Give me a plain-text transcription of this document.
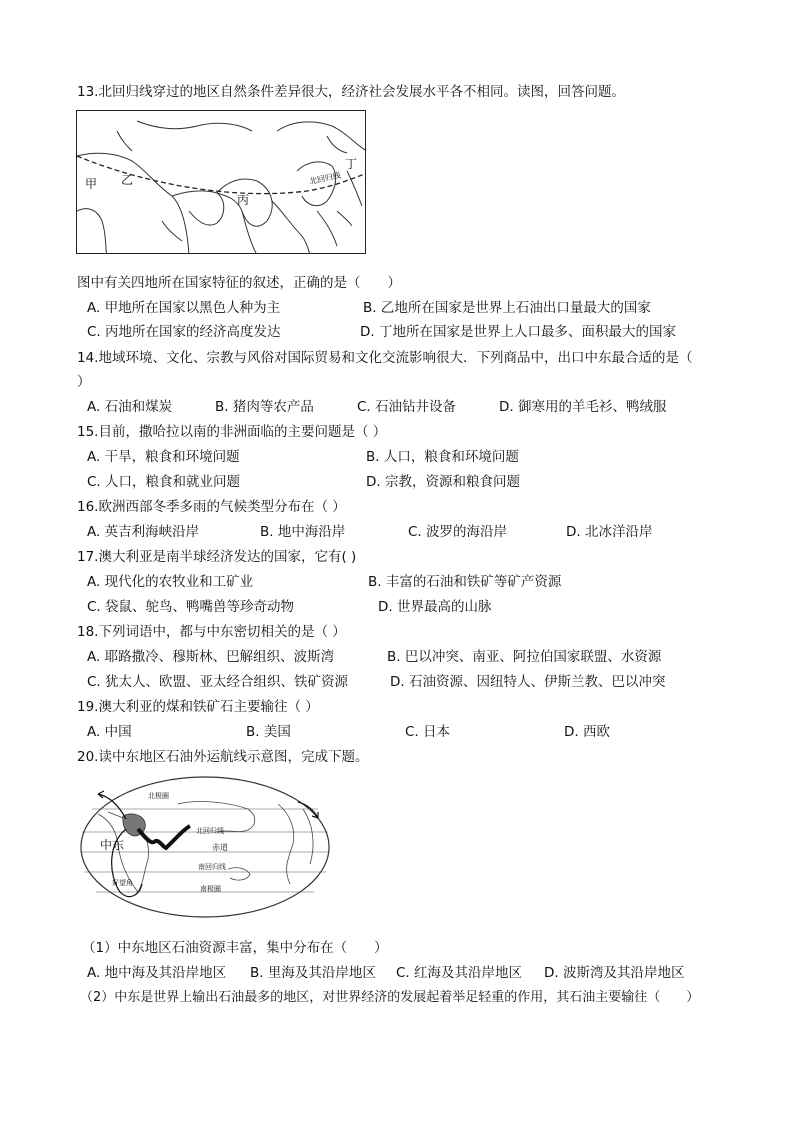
13.北回归线穿过的地区自然条件差异很大，经济社会发展水平各不相同。读图，回答问题。
甲 乙
丙
丁
北回归线
图中有关四地所在国家特征的叙述，正确的是（　　）
A. 甲地所在国家以黑色人种为主	B. 乙地所在国家是世界上石油出口量最大的国家
C. 丙地所在国家的经济高度发达	D. 丁地所在国家是世界上人口最多、面积最大的国家
14.地域环境、文化、宗教与风俗对国际贸易和文化交流影响很大．下列商品中，出口中东最合适的是（
）
A. 石油和煤炭	B. 猪肉等农产品	C. 石油钻井设备	D. 御寒用的羊毛衫、鸭绒服
15.目前，撒哈拉以南的非洲面临的主要问题是（ ）
A. 干旱，粮食和环境问题	B. 人口，粮食和环境问题
C. 人口，粮食和就业问题	D. 宗教，资源和粮食问题
16.欧洲西部冬季多雨的气候类型分布在（ ）
A. 英吉利海峡沿岸	B. 地中海沿岸	C. 波罗的海沿岸	D. 北冰洋沿岸
17.澳大利亚是南半球经济发达的国家，它有( )
A. 现代化的农牧业和工矿业	B. 丰富的石油和铁矿等矿产资源
C. 袋鼠、鸵鸟、鸭嘴兽等珍奇动物	D. 世界最高的山脉
18.下列词语中，都与中东密切相关的是（ ）
A. 耶路撒冷、穆斯林、巴解组织、波斯湾	B. 巴以冲突、南亚、阿拉伯国家联盟、水资源
C. 犹太人、欧盟、亚太经合组织、铁矿资源	D. 石油资源、因纽特人、伊斯兰教、巴以冲突
19.澳大利亚的煤和铁矿石主要输往（ ）
A. 中国	B. 美国	C. 日本	D. 西欧
20.读中东地区石油外运航线示意图，完成下题。
北极圈
北回归线
赤道
南回归线
南极圈
好望角
中东
（1）中东地区石油资源丰富，集中分布在（　　）
A. 地中海及其沿岸地区 B. 里海及其沿岸地区 C. 红海及其沿岸地区 D. 波斯湾及其沿岸地区
（2）中东是世界上输出石油最多的地区，对世界经济的发展起着举足轻重的作用，其石油主要输往（　　）
